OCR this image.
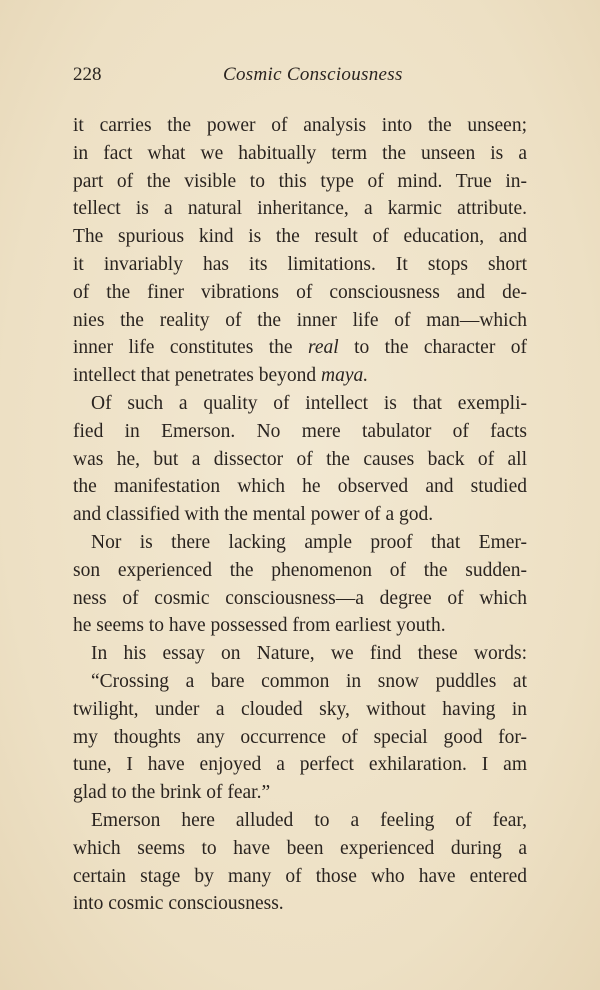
228	Cosmic Consciousness
it carries the power of analysis into the unseen;
in fact what we habitually term the unseen is a
part of the visible to this type of mind. True in-
tellect is a natural inheritance, a karmic attribute.
The spurious kind is the result of education, and
it invariably has its limitations. It stops short
of the finer vibrations of consciousness and de-
nies the reality of the inner life of man—which
inner life constitutes the real to the character of
intellect that penetrates beyond maya.
Of such a quality of intellect is that exempli-
fied in Emerson. No mere tabulator of facts
was he, but a dissector of the causes back of all
the manifestation which he observed and studied
and classified with the mental power of a god.
Nor is there lacking ample proof that Emer-
son experienced the phenomenon of the sudden-
ness of cosmic consciousness—a degree of which
he seems to have possessed from earliest youth.
In his essay on Nature, we find these words:
“Crossing a bare common in snow puddles at
twilight, under a clouded sky, without having in
my thoughts any occurrence of special good for-
tune, I have enjoyed a perfect exhilaration. I am
glad to the brink of fear.”
Emerson here alluded to a feeling of fear,
which seems to have been experienced during a
certain stage by many of those who have entered
into cosmic consciousness.
